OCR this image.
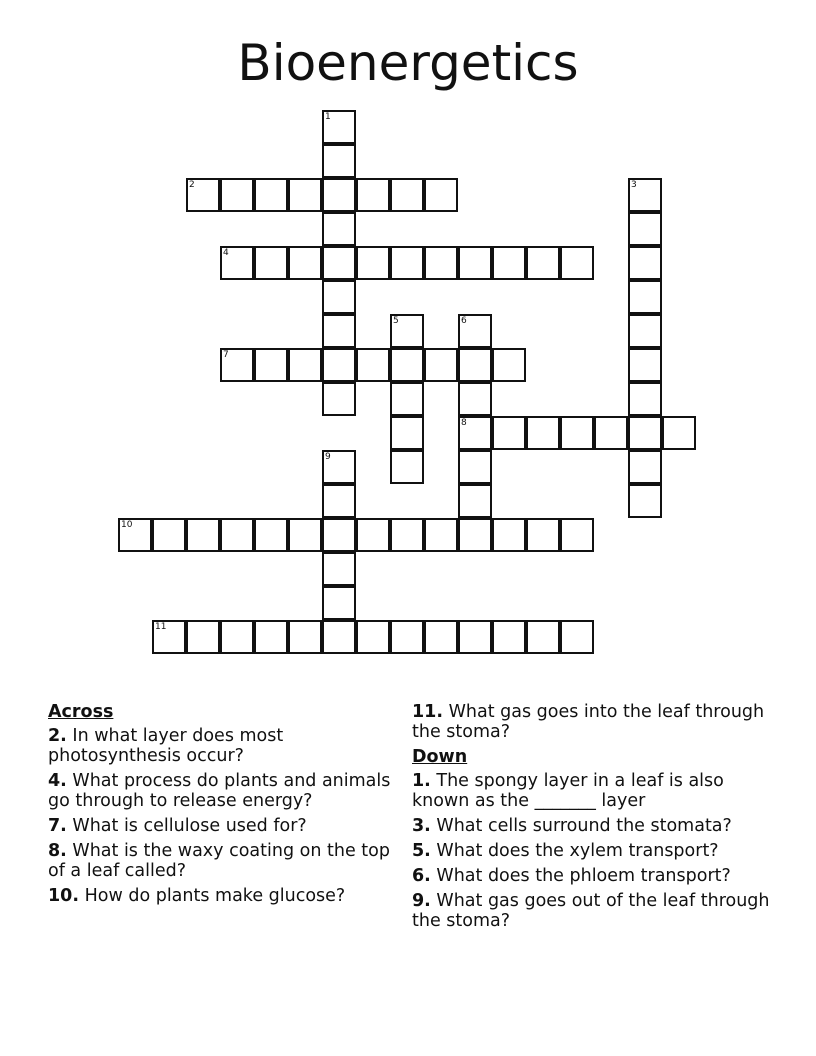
Bioenergetics
1
2	3
4
5	6
8
7
9
10
11
Across
2. In what layer does most photosynthesis occur?
4. What process do plants and animals go through to release energy?
7. What is cellulose used for?
8. What is the waxy coating on the top of a leaf called?
10. How do plants make glucose?
11. What gas goes into the leaf through the stoma?
Down
1. The spongy layer in a leaf is also known as the _______ layer
3. What cells surround the stomata?
5. What does the xylem transport?
6. What does the phloem transport?
9. What gas goes out of the leaf through the stoma?
